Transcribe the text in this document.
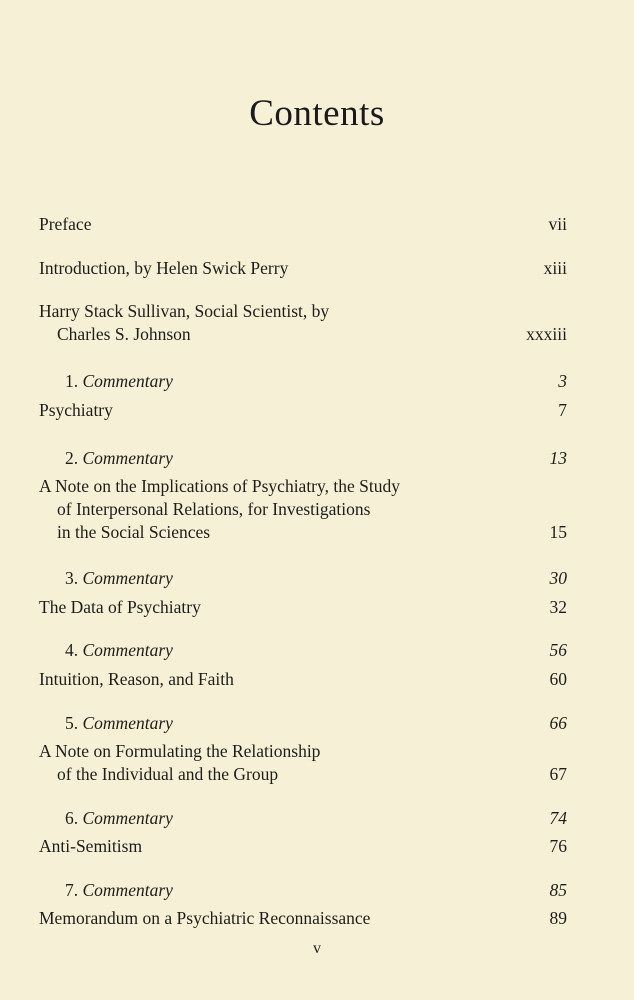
Contents
Preface	vii
Introduction, by Helen Swick Perry	xiii
Harry Stack Sullivan, Social Scientist, by
Charles S. Johnson	xxxiii
1. Commentary	3
Psychiatry	7
2. Commentary	13
A Note on the Implications of Psychiatry, the Study
of Interpersonal Relations, for Investigations
in the Social Sciences	15
3. Commentary	30
The Data of Psychiatry	32
4. Commentary	56
Intuition, Reason, and Faith	60
5. Commentary	66
A Note on Formulating the Relationship
of the Individual and the Group	67
6. Commentary	74
Anti-Semitism	76
7. Commentary	85
Memorandum on a Psychiatric Reconnaissance	89
v
